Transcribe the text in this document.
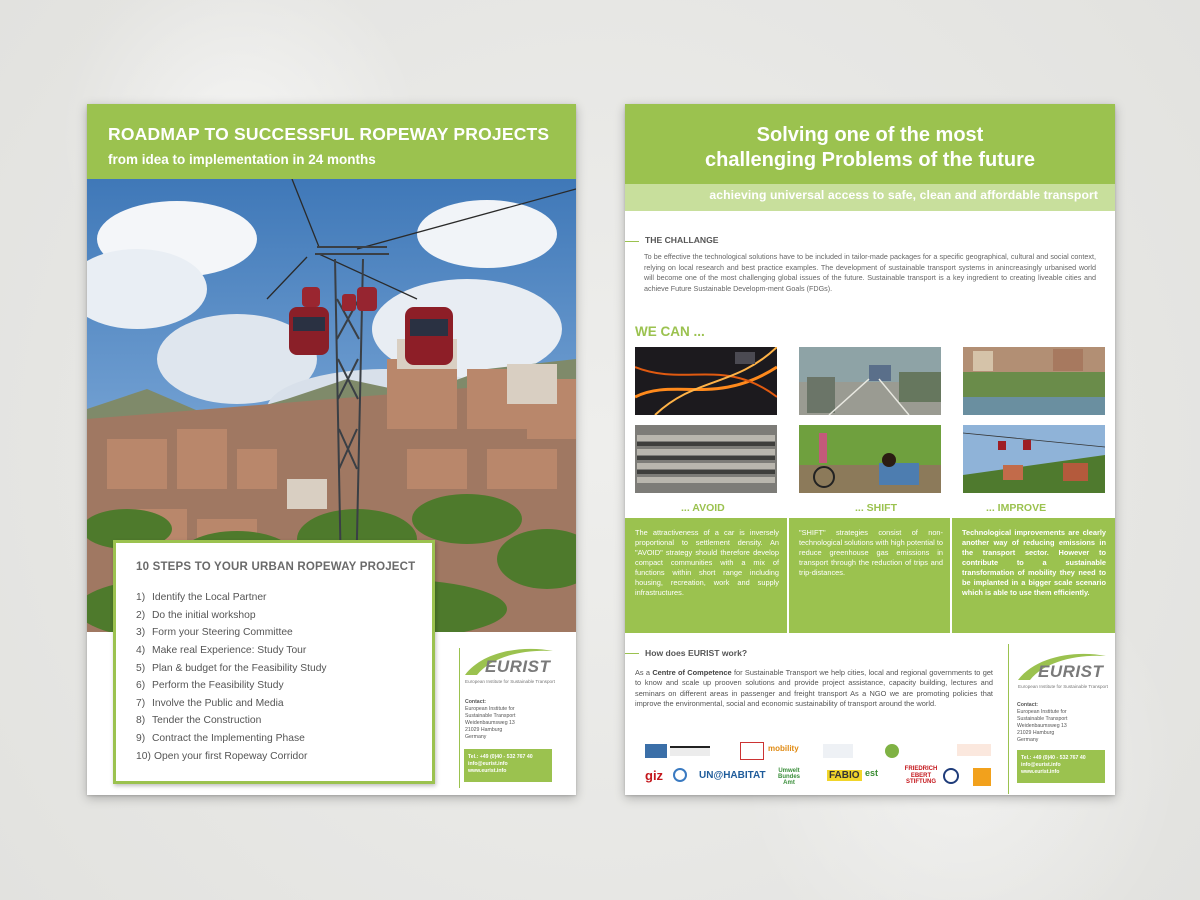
ROADMAP TO SUCCESSFUL ROPEWAY PROJECTS
from idea to implementation in 24 months
10 STEPS TO YOUR URBAN ROPEWAY PROJECT
1) Identify the Local Partner
2) Do the initial workshop
3) Form your Steering Committee
4) Make real Experience: Study Tour
5) Plan & budget for the Feasibility Study
6) Perform the Feasibility Study
7) Involve the Public and Media
8) Tender the Construction
9) Contract the Implementing Phase
10) Open your first Ropeway Corridor
EURIST
European Institute for Sustainable Transport
Contact:
European Institute for
Sustainable Transport
Weidenbaumsweg 13
21029 Hamburg
Germany
Tel.: +49 (0)40 - 532 767 40
info@eurist.info
www.eurist.info
Solving one of the most
challenging Problems of the future
achieving universal access to safe, clean and affordable transport
THE CHALLANGE
To be effective the technological solutions have to be included in tailor-made packages for a specific geographical, cultural and social context, relying on local research and best practice examples. The development of sustainable transport systems in anincreasingly urbanised world will become one of the most challenging global issues of the future. Sustainable transport is a key ingredient to creating liveable cities and achieve Future Sustainable Developm-ment Goals (FDGs).
WE CAN ...
... AVOID	... SHIFT	... IMPROVE
The attractiveness of a car is inversely proportional to settlement density. An "AVOID" strategy should therefore develop compact communities with a mix of functions within short range including housing, recreation, work and supply infrastructures.
"SHIFT" strategies consist of non-technological solutions with high potential to reduce greenhouse gas emissions in transport through the reduction of trips and trip-distances.
Technological improvements are clearly another way of reducing emissions in the transport sector. However to contribute to a sustainable transformation of mobility they need to be implanted in a bigger scale scenario which is able to use them efficiently.
How does EURIST work?
As a Centre of Competence for Sustainable Transport we help cities, local and regional governments to get to know and scale up prooven solutions and provide project assistance, capacity building, lectures and seminars on different areas in passenger and freight transport As a NGO we are promoting policies that improve the environmental, social and economic sustainability of transport around the world.
mobility
giz	UN@HABITAT	Umwelt Bundes Amt
FABIO est	FRIEDRICH EBERT STIFTUNG
EURIST
European Institute for Sustainable Transport
Contact:
European Institute for
Sustainable Transport
Weidenbaumsweg 13
21029 Hamburg
Germany
Tel.: +49 (0)40 - 532 767 40
info@eurist.info
www.eurist.info
